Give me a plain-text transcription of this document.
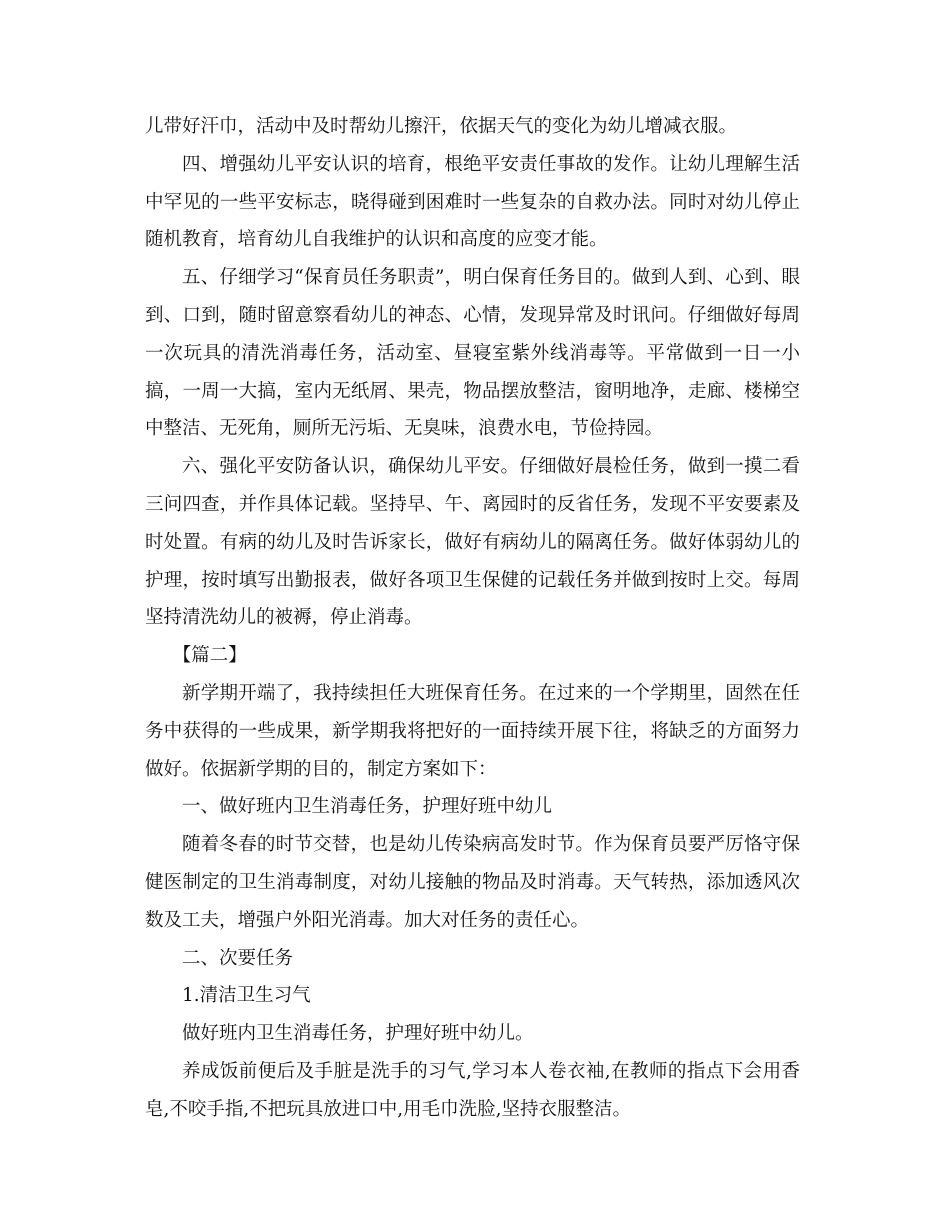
儿带好汗巾，活动中及时帮幼儿擦汗，依据天气的变化为幼儿增减衣服。

四、增强幼儿平安认识的培育，根绝平安责任事故的发作。让幼儿理解生活中罕见的一些平安标志，晓得碰到困难时一些复杂的自救办法。同时对幼儿停止随机教育，培育幼儿自我维护的认识和高度的应变才能。

五、仔细学习“保育员任务职责”，明白保育任务目的。做到人到、心到、眼到、口到，随时留意察看幼儿的神态、心情，发现异常及时讯问。仔细做好每周一次玩具的清洗消毒任务，活动室、昼寝室紫外线消毒等。平常做到一日一小搞，一周一大搞，室内无纸屑、果壳，物品摆放整洁，窗明地净，走廊、楼梯空中整洁、无死角，厕所无污垢、无臭味，浪费水电，节俭持园。

六、强化平安防备认识，确保幼儿平安。仔细做好晨检任务，做到一摸二看三问四查，并作具体记载。坚持早、午、离园时的反省任务，发现不平安要素及时处置。有病的幼儿及时告诉家长，做好有病幼儿的隔离任务。做好体弱幼儿的护理，按时填写出勤报表，做好各项卫生保健的记载任务并做到按时上交。每周坚持清洗幼儿的被褥，停止消毒。

【篇二】

新学期开端了，我持续担任大班保育任务。在过来的一个学期里，固然在任务中获得的一些成果，新学期我将把好的一面持续开展下往，将缺乏的方面努力做好。依据新学期的目的，制定方案如下：

一、做好班内卫生消毒任务，护理好班中幼儿

随着冬春的时节交替，也是幼儿传染病高发时节。作为保育员要严厉恪守保健医制定的卫生消毒制度，对幼儿接触的物品及时消毒。天气转热，添加透风次数及工夫，增强户外阳光消毒。加大对任务的责任心。

二、次要任务

1.清洁卫生习气

做好班内卫生消毒任务，护理好班中幼儿。

养成饭前便后及手脏是洗手的习气,学习本人卷衣袖,在教师的指点下会用香皂,不咬手指,不把玩具放进口中,用毛巾洗脸,坚持衣服整洁。
